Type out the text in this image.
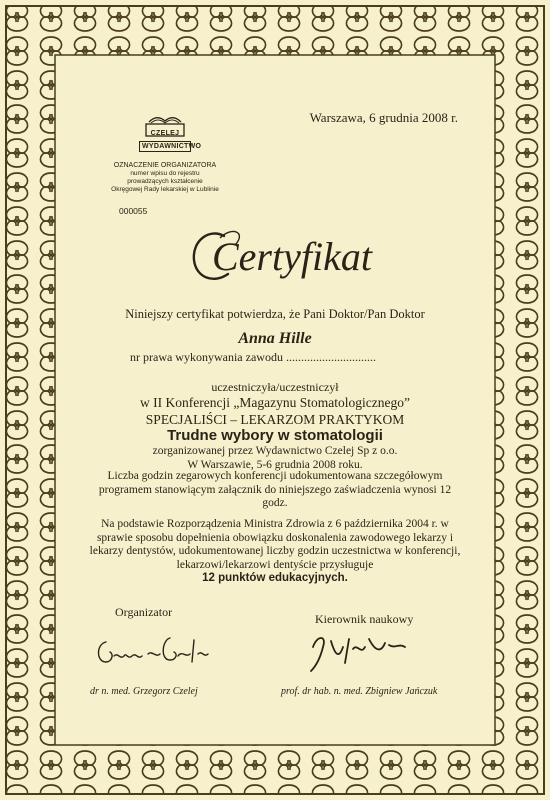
Warszawa, 6 grudnia 2008 r.
CZELEJ
WYDAWNICTWO
OZNACZENIE ORGANIZATORA
numer wpisu do rejestru
prowadzących kształcenie
Okręgowej Rady lekarskiej w Lublinie
000055
Certyfikat
Niniejszy certyfikat potwierdza, że Pani Doktor/Pan Doktor
Anna Hille
nr prawa wykonywania zawodu ..............................
uczestniczyła/uczestniczył
w II Konferencji „Magazynu Stomatologicznego”
SPECJALIŚCI – LEKARZOM PRAKTYKOM
Trudne wybory w stomatologii
zorganizowanej przez Wydawnictwo Czelej Sp z o.o.
W Warszawie, 5-6 grudnia 2008 roku.
Liczba godzin zegarowych konferencji udokumentowana szczegółowym programem stanowiącym załącznik do niniejszego zaświadczenia wynosi 12 godz.
Na podstawie Rozporządzenia Ministra Zdrowia z 6 października 2004 r. w sprawie sposobu dopełnienia obowiązku doskonalenia zawodowego lekarzy i lekarzy dentystów, udokumentowanej liczby godzin uczestnictwa w konferencji, lekarzowi/lekarzowi dentyście przysługuje
12 punktów edukacyjnych.
Organizator	Kierownik naukowy
dr n. med. Grzegorz Czelej	prof. dr hab. n. med. Zbigniew Jańczuk
